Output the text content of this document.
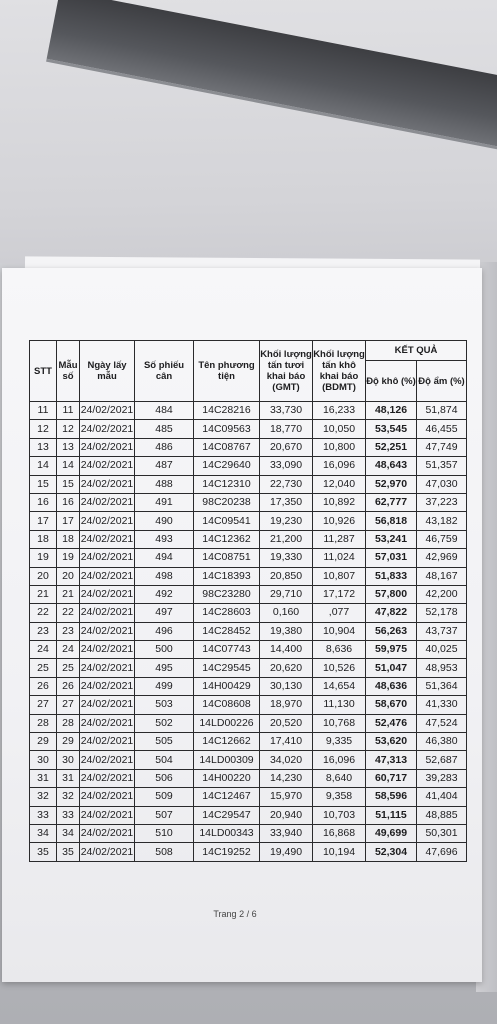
STT	Mẫu số	Ngày lấy mẫu	Số phiếu cân	Tên phương tiện	Khối lượng tấn tươi khai báo (GMT)	Khối lượng tấn khô khai báo (BDMT)	KẾT QUẢ	
							Độ khô (%)	Độ ẩm (%)
11	11	24/02/2021	484	14C28216	33,730	16,233	48,126	51,874
12	12	24/02/2021	485	14C09563	18,770	10,050	53,545	46,455
13	13	24/02/2021	486	14C08767	20,670	10,800	52,251	47,749
14	14	24/02/2021	487	14C29640	33,090	16,096	48,643	51,357
15	15	24/02/2021	488	14C12310	22,730	12,040	52,970	47,030
16	16	24/02/2021	491	98C20238	17,350	10,892	62,777	37,223
17	17	24/02/2021	490	14C09541	19,230	10,926	56,818	43,182
18	18	24/02/2021	493	14C12362	21,200	11,287	53,241	46,759
19	19	24/02/2021	494	14C08751	19,330	11,024	57,031	42,969
20	20	24/02/2021	498	14C18393	20,850	10,807	51,833	48,167
21	21	24/02/2021	492	98C23280	29,710	17,172	57,800	42,200
22	22	24/02/2021	497	14C28603	0,160	,077	47,822	52,178
23	23	24/02/2021	496	14C28452	19,380	10,904	56,263	43,737
24	24	24/02/2021	500	14C07743	14,400	8,636	59,975	40,025
25	25	24/02/2021	495	14C29545	20,620	10,526	51,047	48,953
26	26	24/02/2021	499	14H00429	30,130	14,654	48,636	51,364
27	27	24/02/2021	503	14C08608	18,970	11,130	58,670	41,330
28	28	24/02/2021	502	14LD00226	20,520	10,768	52,476	47,524
29	29	24/02/2021	505	14C12662	17,410	9,335	53,620	46,380
30	30	24/02/2021	504	14LD00309	34,020	16,096	47,313	52,687
31	31	24/02/2021	506	14H00220	14,230	8,640	60,717	39,283
32	32	24/02/2021	509	14C12467	15,970	9,358	58,596	41,404
33	33	24/02/2021	507	14C29547	20,940	10,703	51,115	48,885
34	34	24/02/2021	510	14LD00343	33,940	16,868	49,699	50,301
35	35	24/02/2021	508	14C19252	19,490	10,194	52,304	47,696
Trang 2 / 6
